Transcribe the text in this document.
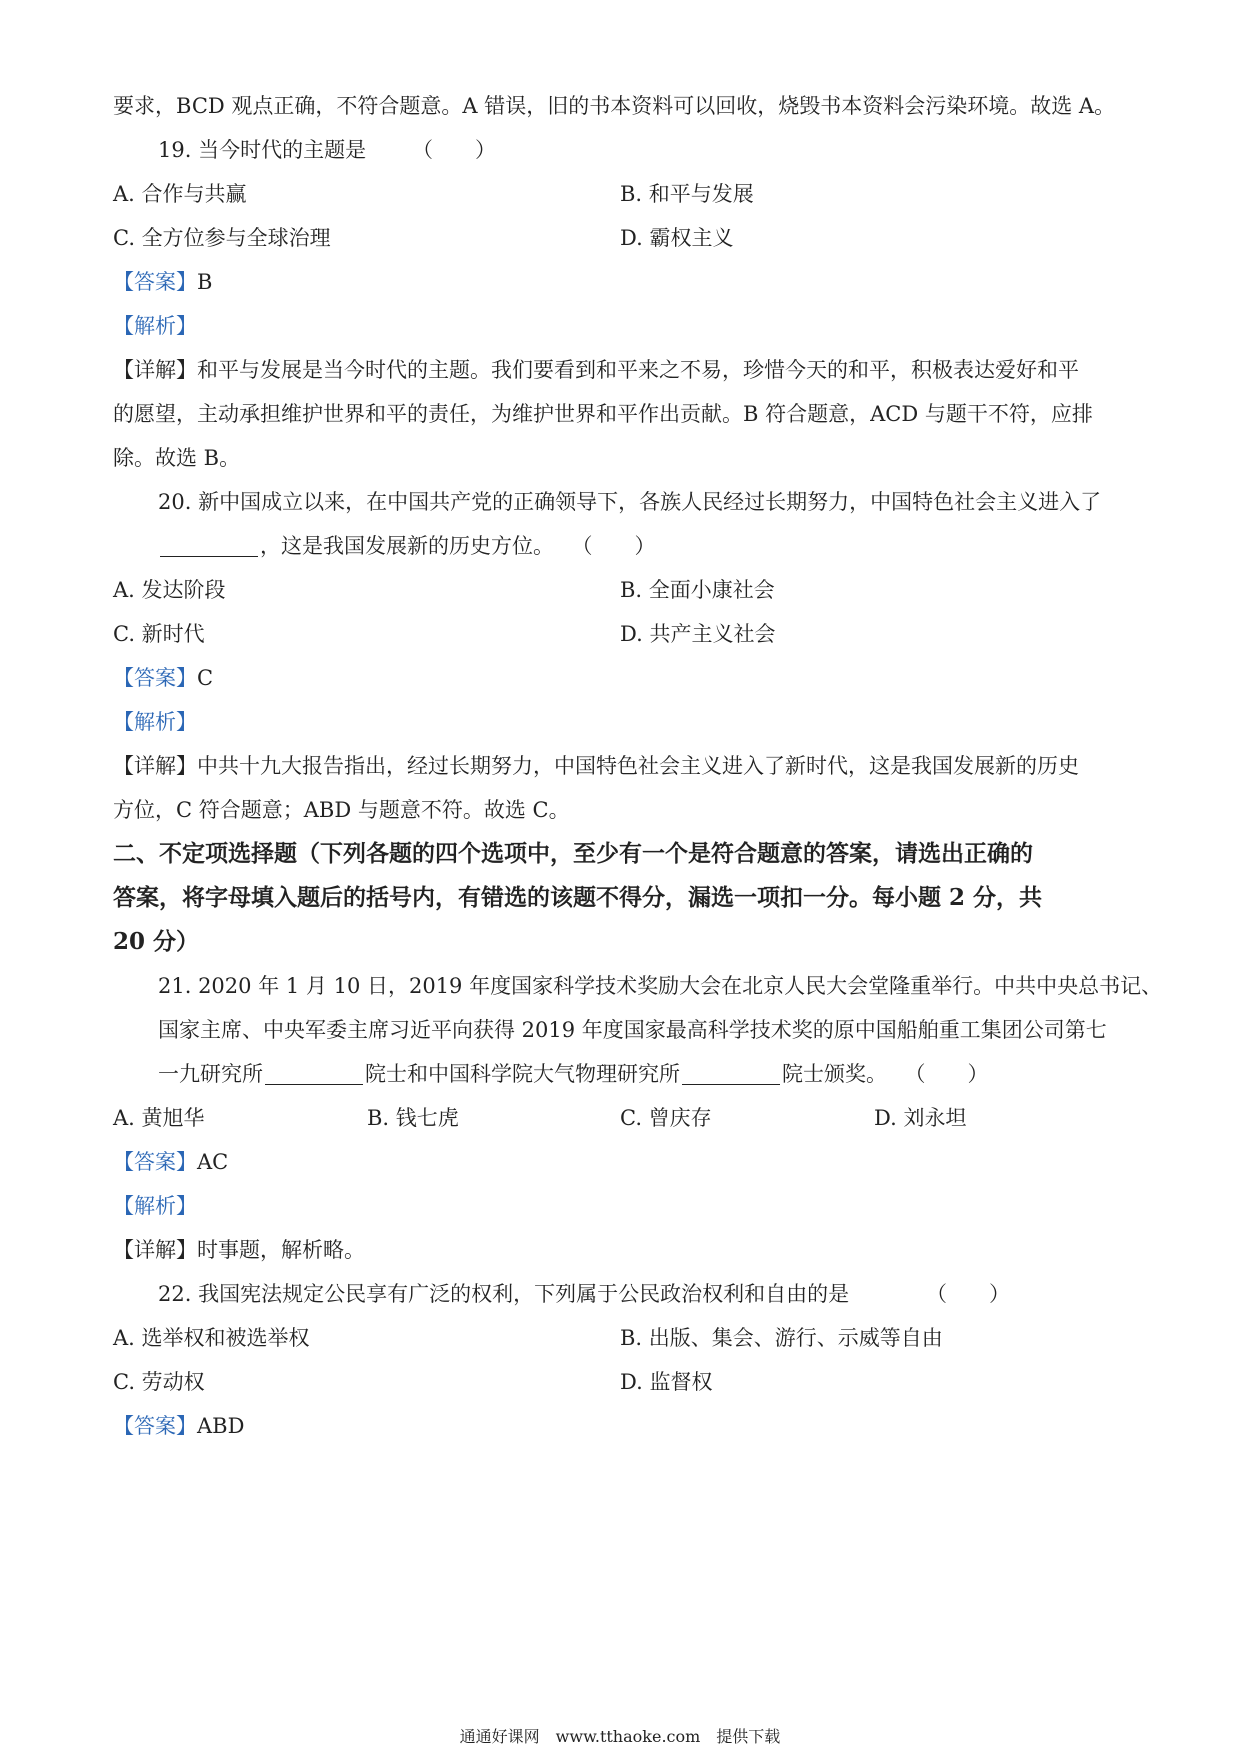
要求，BCD 观点正确，不符合题意。A 错误，旧的书本资料可以回收，烧毁书本资料会污染环境。故选 A。
19. 当今时代的主题是 （　　）
A. 合作与共赢	B. 和平与发展
C. 全方位参与全球治理	D. 霸权主义
【答案】B
【解析】
【详解】和平与发展是当今时代的主题。我们要看到和平来之不易，珍惜今天的和平，积极表达爱好和平
的愿望，主动承担维护世界和平的责任，为维护世界和平作出贡献。B 符合题意，ACD 与题干不符，应排
除。故选 B。
20. 新中国成立以来，在中国共产党的正确领导下，各族人民经过长期努力，中国特色社会主义进入了
，这是我国发展新的历史方位。 （　　）
A. 发达阶段	B. 全面小康社会
C. 新时代	D. 共产主义社会
【答案】C
【解析】
【详解】中共十九大报告指出，经过长期努力，中国特色社会主义进入了新时代，这是我国发展新的历史
方位，C 符合题意；ABD 与题意不符。故选 C。
二、不定项选择题（下列各题的四个选项中，至少有一个是符合题意的答案，请选出正确的
答案，将字母填入题后的括号内，有错选的该题不得分，漏选一项扣一分。每小题 2 分，共
20 分）
21. 2020 年 1 月 10 日，2019 年度国家科学技术奖励大会在北京人民大会堂隆重举行。中共中央总书记、
国家主席、中央军委主席习近平向获得 2019 年度国家最高科学技术奖的原中国船舶重工集团公司第七
一九研究所	院士和中国科学院大气物理研究所	院士颁奖。 （　　）
A. 黄旭华	B. 钱七虎	C. 曾庆存	D. 刘永坦
【答案】AC
【解析】
【详解】时事题，解析略。
22. 我国宪法规定公民享有广泛的权利，下列属于公民政治权利和自由的是	（　　）
A. 选举权和被选举权	B. 出版、集会、游行、示威等自由
C. 劳动权	D. 监督权
【答案】ABD
通通好课网　www.tthaoke.com　提供下载
